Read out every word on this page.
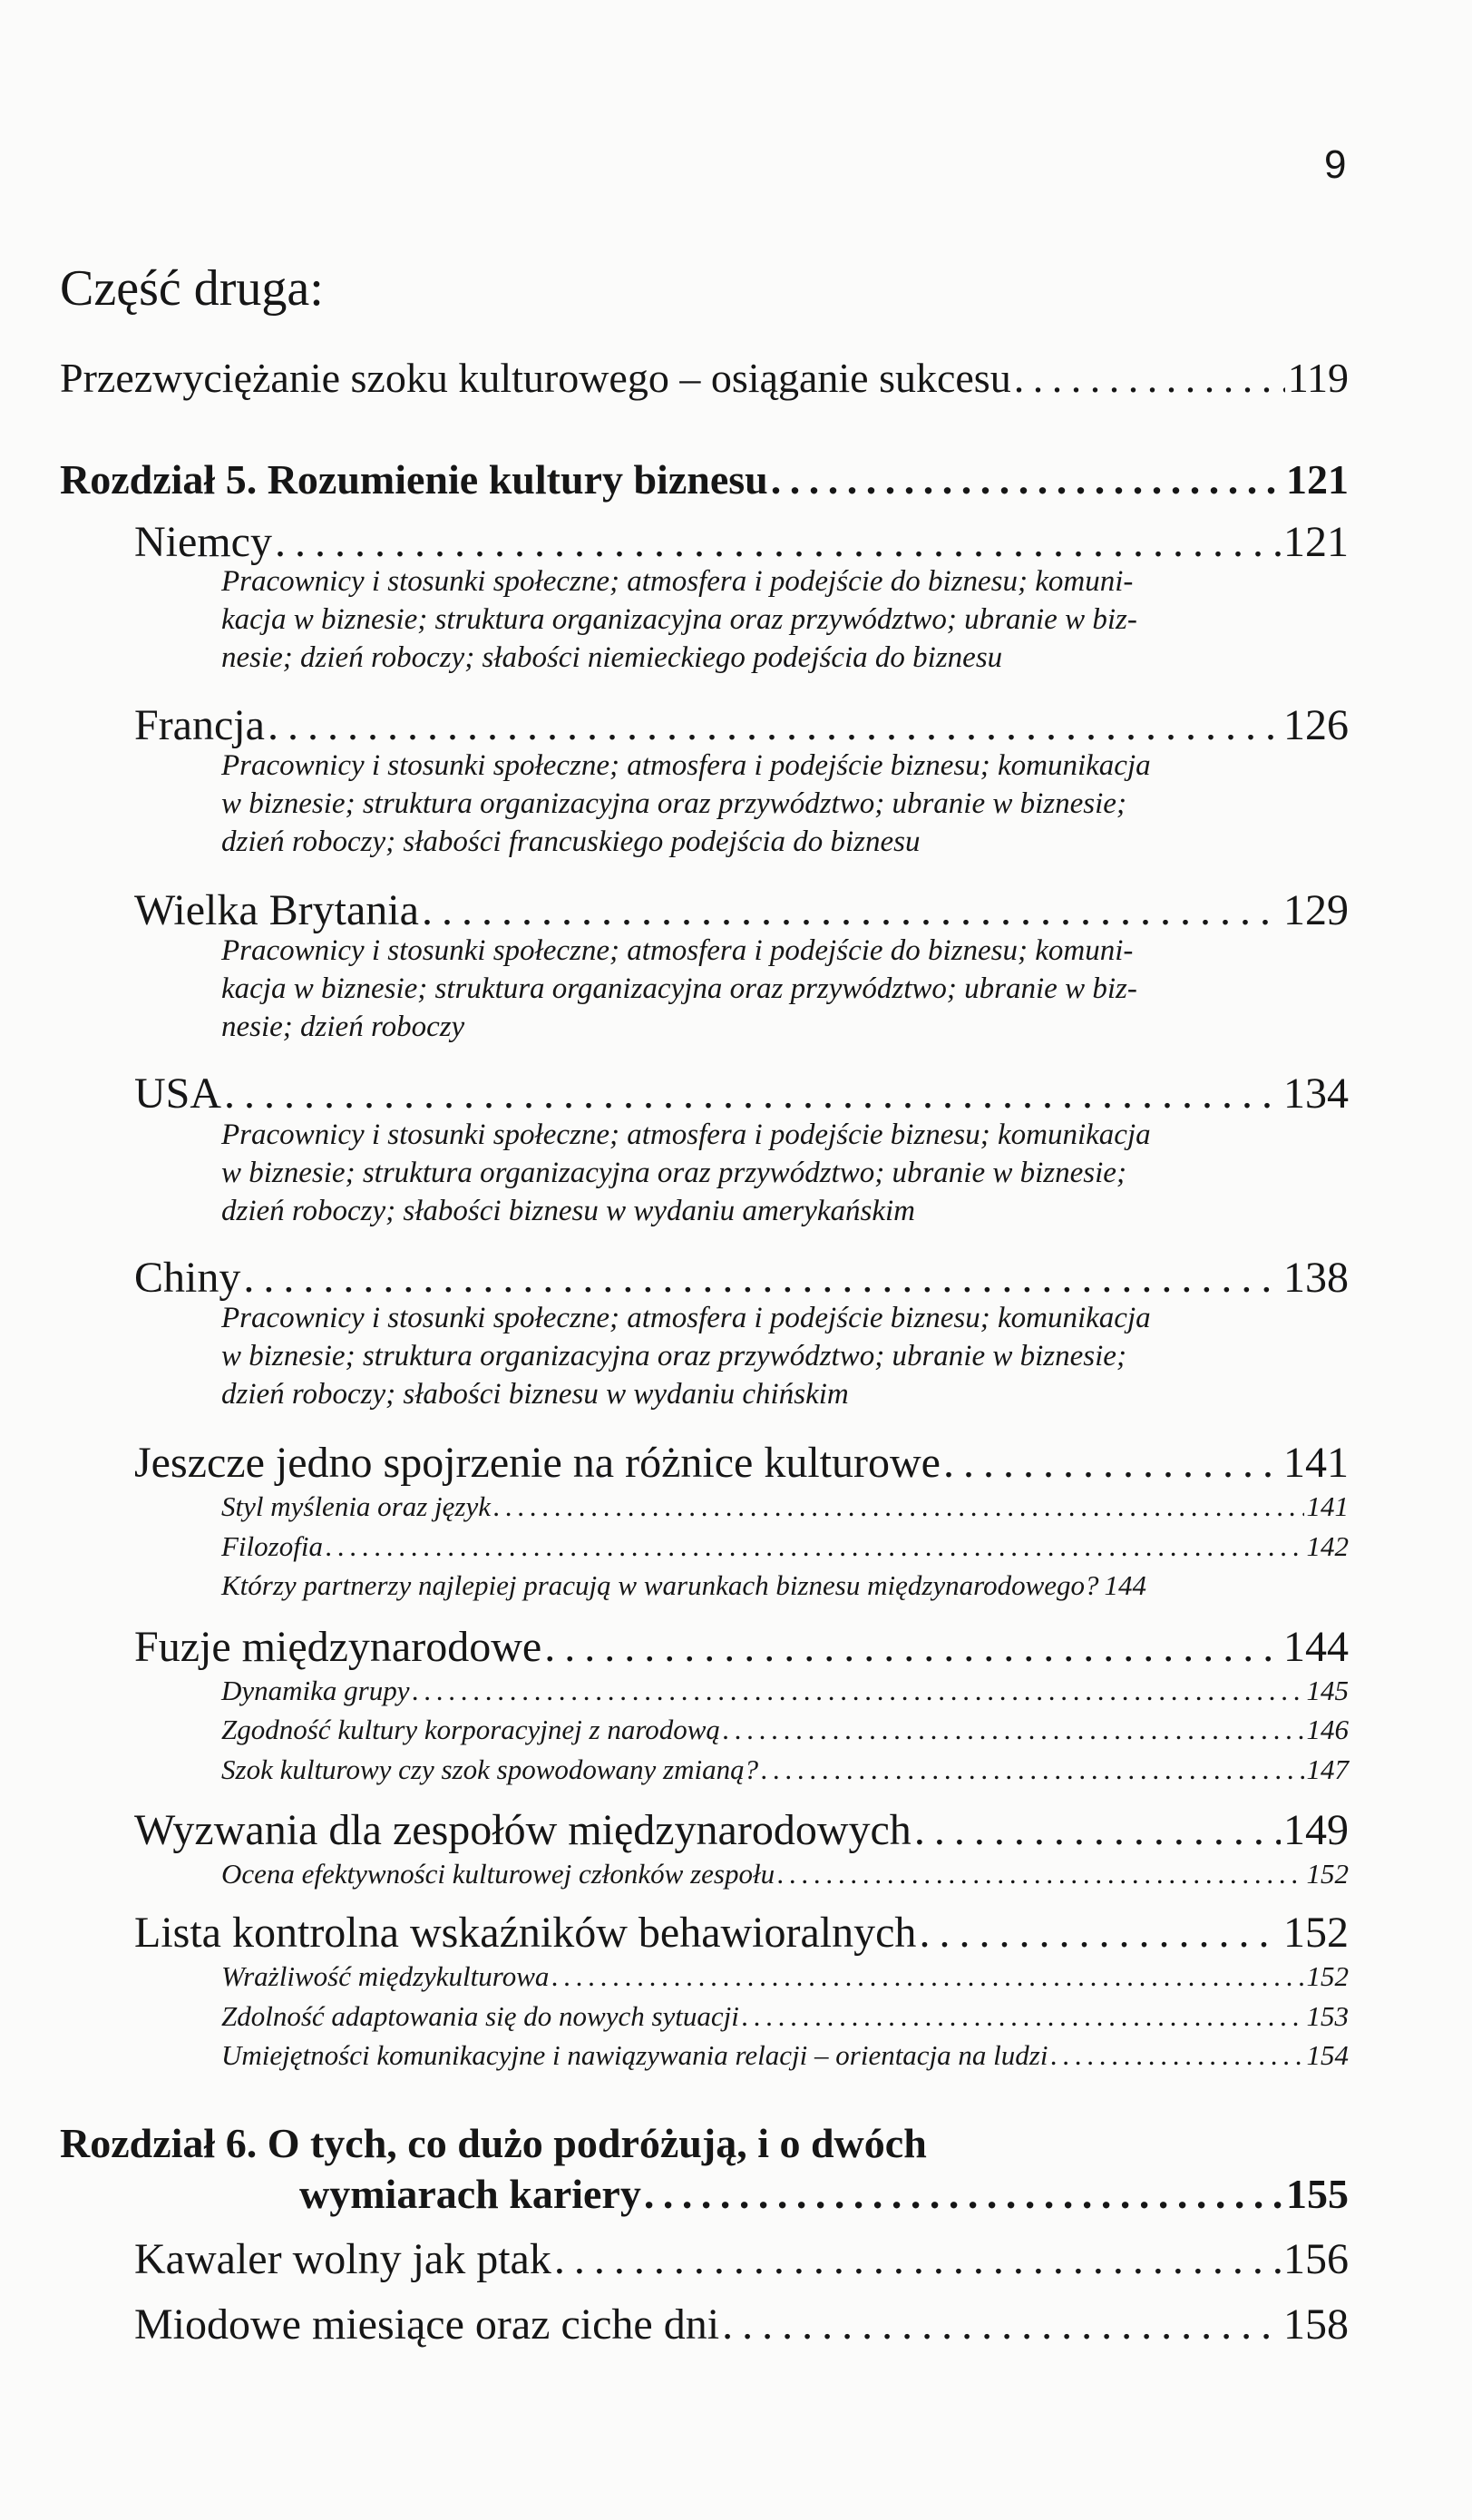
9
Część druga:
Przezwyciężanie szoku kulturowego – osiąganie sukcesu . . .	119
Rozdział 5. Rozumienie kultury biznesu . . .	121
Niemcy . . .	121
Pracownicy i stosunki społeczne; atmosfera i podejście do biznesu; komuni-
kacja w biznesie; struktura organizacyjna oraz przywództwo; ubranie w biz-
nesie; dzień roboczy; słabości niemieckiego podejścia do biznesu
Francja . . .	126
Pracownicy i stosunki społeczne; atmosfera i podejście biznesu; komunikacja
w biznesie; struktura organizacyjna oraz przywództwo; ubranie w biznesie;
dzień roboczy; słabości francuskiego podejścia do biznesu
Wielka Brytania . . .	129
Pracownicy i stosunki społeczne; atmosfera i podejście do biznesu; komuni-
kacja w biznesie; struktura organizacyjna oraz przywództwo; ubranie w biz-
nesie; dzień roboczy
USA . . .	134
Pracownicy i stosunki społeczne; atmosfera i podejście biznesu; komunikacja
w biznesie; struktura organizacyjna oraz przywództwo; ubranie w biznesie;
dzień roboczy; słabości biznesu w wydaniu amerykańskim
Chiny . . .	138
Pracownicy i stosunki społeczne; atmosfera i podejście biznesu; komunikacja
w biznesie; struktura organizacyjna oraz przywództwo; ubranie w biznesie;
dzień roboczy; słabości biznesu w wydaniu chińskim
Jeszcze jedno spojrzenie na różnice kulturowe . . .	141
Styl myślenia oraz język . . .	141
Filozofia . . .	142
Którzy partnerzy najlepiej pracują w warunkach biznesu międzynarodowego? 144
Fuzje międzynarodowe . . .	144
Dynamika grupy . . .	145
Zgodność kultury korporacyjnej z narodową . . .	146
Szok kulturowy czy szok spowodowany zmianą? . . .	147
Wyzwania dla zespołów międzynarodowych . . .	149
Ocena efektywności kulturowej członków zespołu . . .	152
Lista kontrolna wskaźników behawioralnych . . .	152
Wrażliwość międzykulturowa . . .	152
Zdolność adaptowania się do nowych sytuacji . . .	153
Umiejętności komunikacyjne i nawiązywania relacji – orientacja na ludzi . . .	154
Rozdział 6. O tych, co dużo podróżują, i o dwóch
wymiarach kariery . . .	155
Kawaler wolny jak ptak . . .	156
Miodowe miesiące oraz ciche dni . . .	158
